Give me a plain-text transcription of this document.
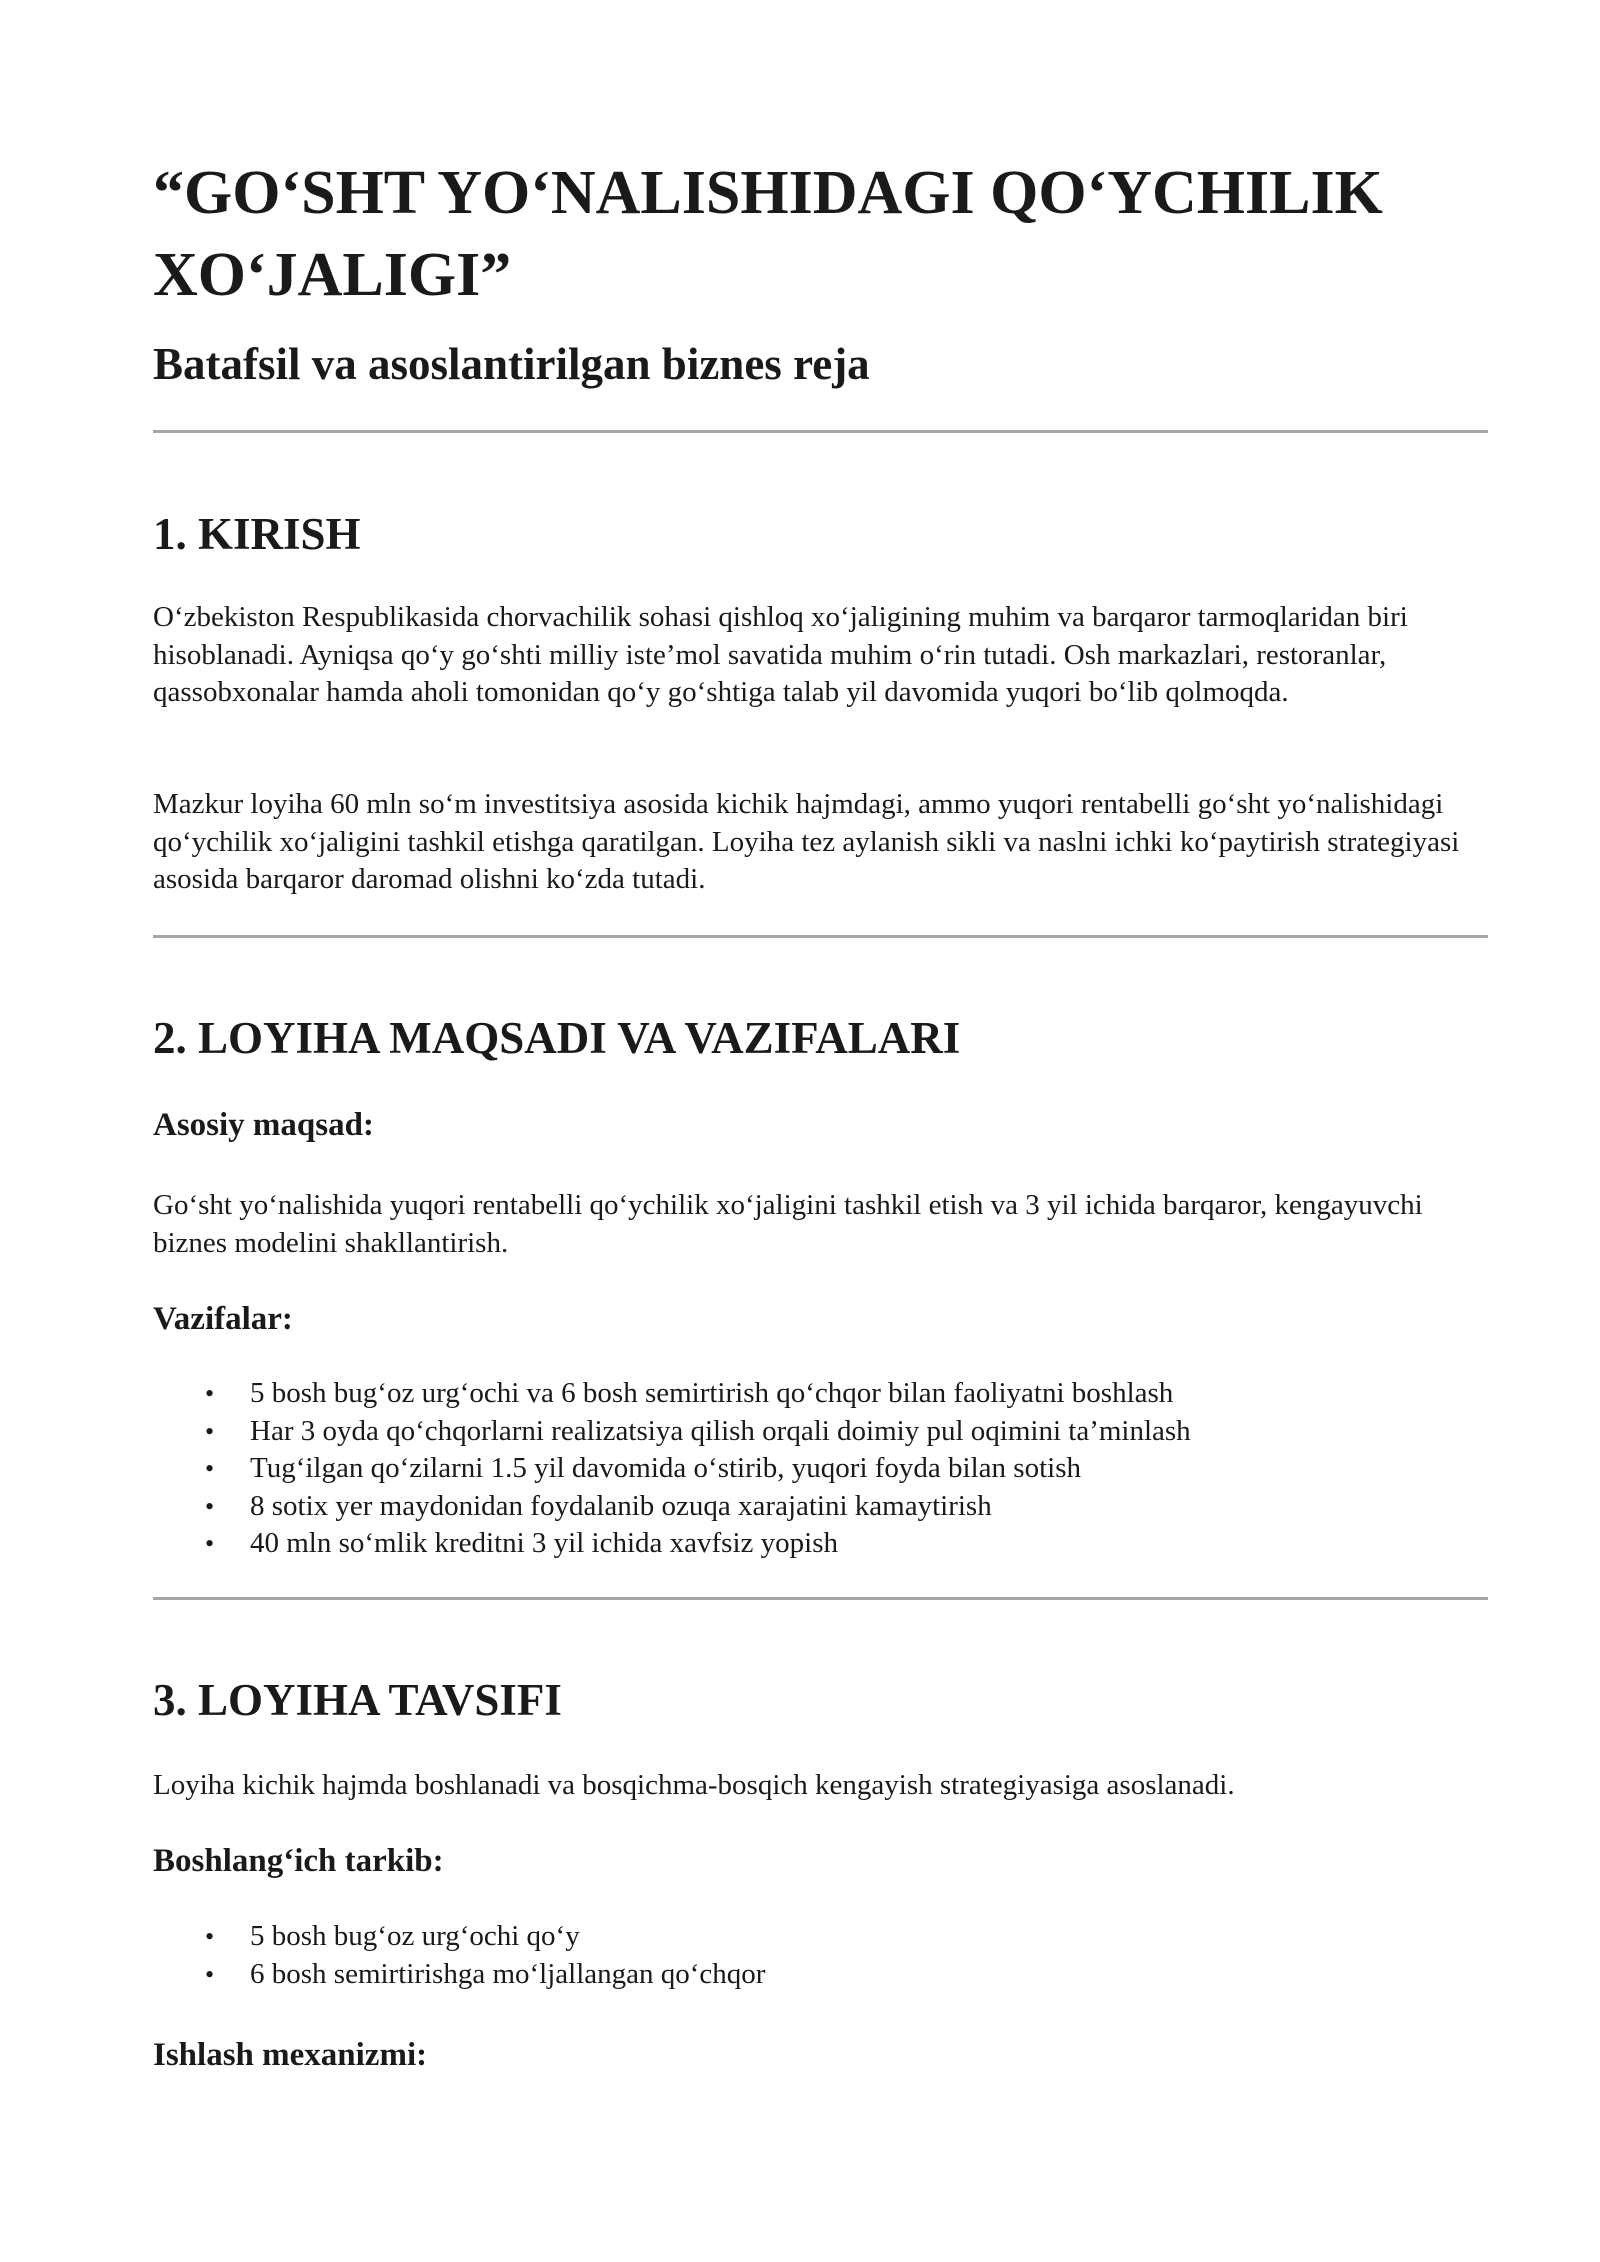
“GO‘SHT YO‘NALISHIDAGI QO‘YCHILIK XO‘JALIGI”
Batafsil va asoslantirilgan biznes reja
1. KIRISH

O‘zbekiston Respublikasida chorvachilik sohasi qishloq xo‘jaligining muhim va barqaror tarmoqlaridan biri hisoblanadi. Ayniqsa qo‘y go‘shti milliy iste’mol savatida muhim o‘rin tutadi. Osh markazlari, restoranlar, qassobxonalar hamda aholi tomonidan qo‘y go‘shtiga talab yil davomida yuqori bo‘lib qolmoqda.

Mazkur loyiha 60 mln so‘m investitsiya asosida kichik hajmdagi, ammo yuqori rentabelli go‘sht yo‘nalishidagi qo‘ychilik xo‘jaligini tashkil etishga qaratilgan. Loyiha tez aylanish sikli va naslni ichki ko‘paytirish strategiyasi asosida barqaror daromad olishni ko‘zda tutadi.

2. LOYIHA MAQSADI VA VAZIFALARI
Asosiy maqsad:

Go‘sht yo‘nalishida yuqori rentabelli qo‘ychilik xo‘jaligini tashkil etish va 3 yil ichida barqaror, kengayuvchi biznes modelini shakllantirish.

Vazifalar:
• 5 bosh bug‘oz urg‘ochi va 6 bosh semirtirish qo‘chqor bilan faoliyatni boshlash
• Har 3 oyda qo‘chqorlarni realizatsiya qilish orqali doimiy pul oqimini ta’minlash
• Tug‘ilgan qo‘zilarni 1.5 yil davomida o‘stirib, yuqori foyda bilan sotish
• 8 sotix yer maydonidan foydalanib ozuqa xarajatini kamaytirish
• 40 mln so‘mlik kreditni 3 yil ichida xavfsiz yopish
3. LOYIHA TAVSIFI

Loyiha kichik hajmda boshlanadi va bosqichma-bosqich kengayish strategiyasiga asoslanadi.

Boshlang‘ich tarkib:
• 5 bosh bug‘oz urg‘ochi qo‘y
• 6 bosh semirtirishga mo‘ljallangan qo‘chqor
Ishlash mexanizmi:
